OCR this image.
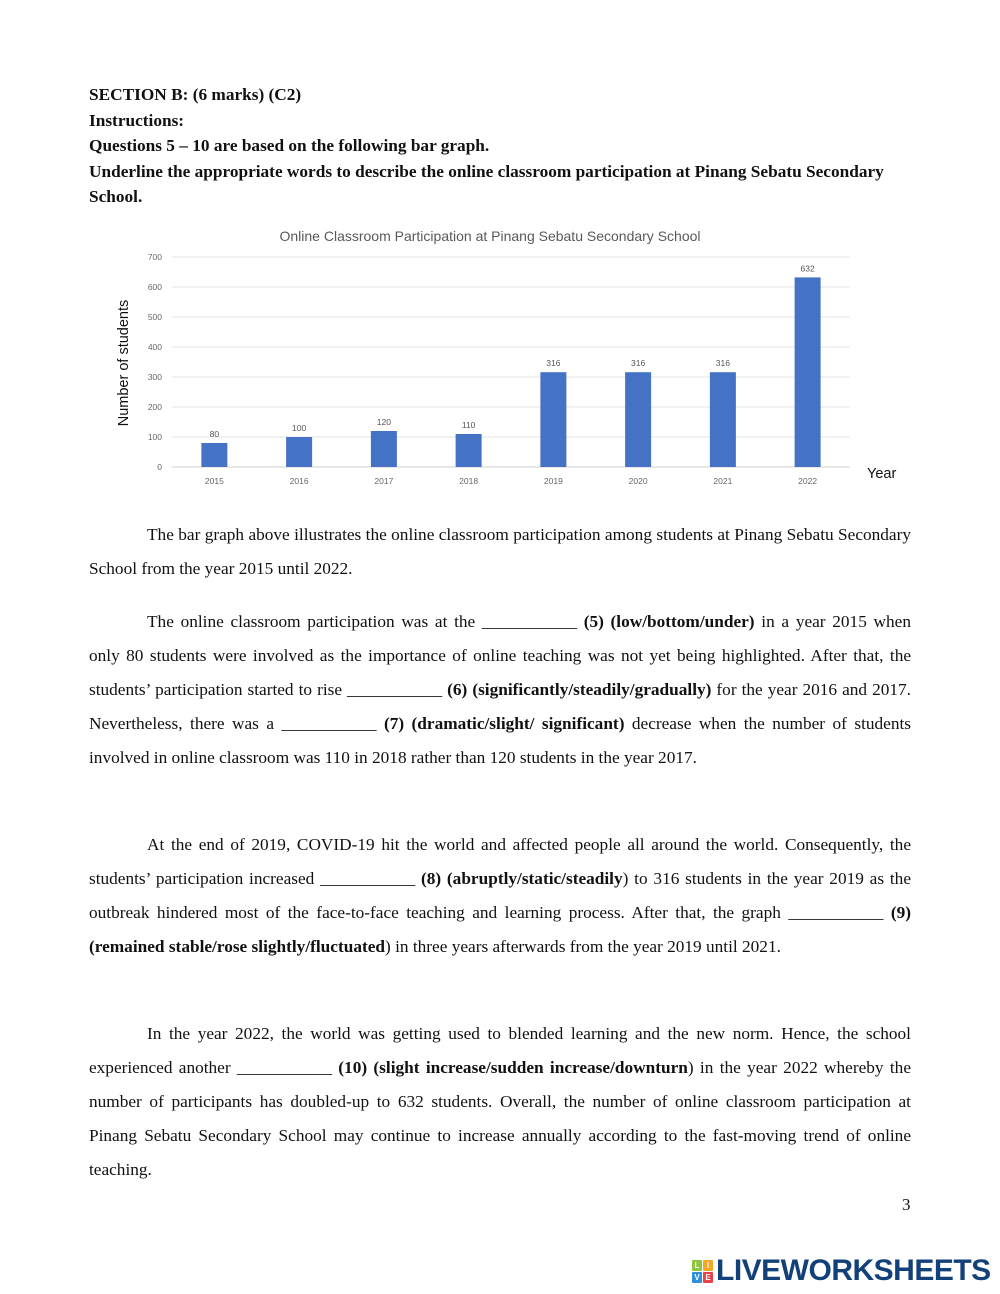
SECTION B: (6 marks) (C2)
Instructions:
Questions 5 – 10 are based on the following bar graph.
Underline the appropriate words to describe the online classroom participation at Pinang Sebatu Secondary School.
Online Classroom Participation at Pinang Sebatu Secondary School
0
100
200
300
400
500
600
700
80
2015
100
2016
120
2017
110
2018
316
2019
316
2020
316
2021
632
2022
Number of students
Year
The bar graph above illustrates the online classroom participation among students at Pinang Sebatu Secondary School from the year 2015 until 2022.
The online classroom participation was at the ___________ (5) (low/bottom/under) in a year 2015 when only 80 students were involved as the importance of online teaching was not yet being highlighted. After that, the students’ participation started to rise ___________ (6) (significantly/steadily/gradually) for the year 2016 and 2017. Nevertheless, there was a ___________ (7) (dramatic/slight/ significant) decrease when the number of students involved in online classroom was 110 in 2018 rather than 120 students in the year 2017.
At the end of 2019, COVID-19 hit the world and affected people all around the world. Consequently, the students’ participation increased ___________ (8) (abruptly/static/steadily) to 316 students in the year 2019 as the outbreak hindered most of the face-to-face teaching and learning process. After that, the graph ___________ (9) (remained stable/rose slightly/fluctuated) in three years afterwards from the year 2019 until 2021.
In the year 2022, the world was getting used to blended learning and the new norm. Hence, the school experienced another ___________ (10) (slight increase/sudden increase/downturn) in the year 2022 whereby the number of participants has doubled-up to 632 students. Overall, the number of online classroom participation at Pinang Sebatu Secondary School may continue to increase annually according to the fast-moving trend of online teaching.
3
L I
V E LIVEWORKSHEETS
